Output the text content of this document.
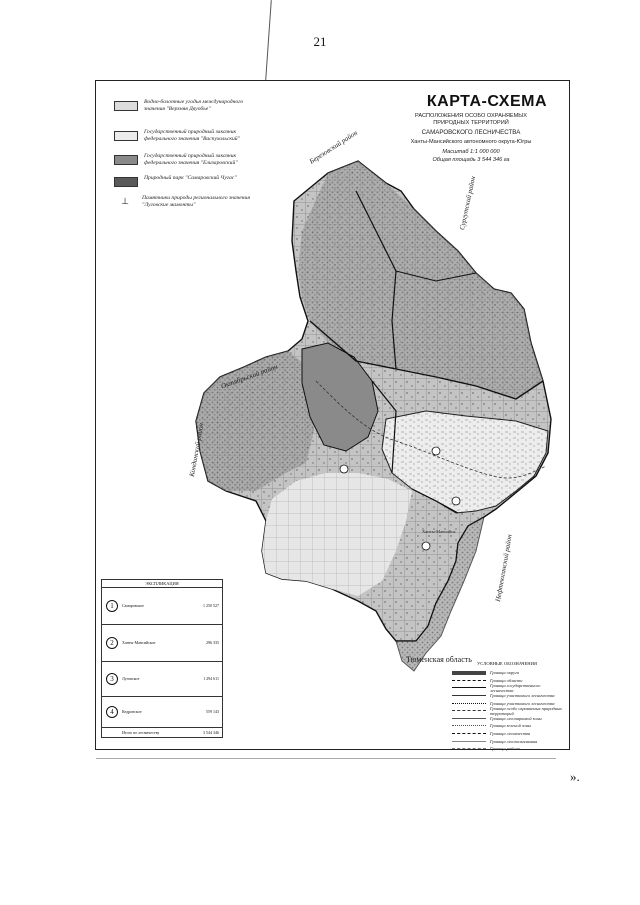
21
Водно-болотные угодья международного значения "Верхняя Двуобье"
Государственный природный заказник федерального значения "Васпухольский"
Государственный природный заказник федерального значения "Елизаровский"
Природный парк "Самаровский Чугас"
⊥	Памятники природы регионального значения "Луговские мамонты"
КАРТА-СХЕМА
РАСПОЛОЖЕНИЯ ОСОБО ОХРАНЯЕМЫХ
ПРИРОДНЫХ ТЕРРИТОРИЙ
САМАРОВСКОГО ЛЕСНИЧЕСТВА
Ханты-Мансийского автономного округа-Югры
Масштаб 1:1 000 000
Общая площадь 3 544 346 га
Березовский район
Сургутский район
Октябрьский район
Кондинский район
Нефтеюганский район
Тюменская область
Ханты-Мансийск
ЭКСПЛИКАЦИЯ
1	Самаровское	1 250 527
2	Ханты-Мансийское	296 335
3	Луговское	1 294 611
4	Кедровское	559 143
Итого по лесничеству	3 544 346
УСЛОВНЫЕ ОБОЗНАЧЕНИЯ
Граница округа
Граница области
Граница государственного лесничества
Граница участкового лесничества
Граница участкового лесничества
Граница особо охраняемых природных территорий
Граница лесопарковой зоны
Граница зеленой зоны
Граница лесничества
Граница лесопользования
Граница района
».
